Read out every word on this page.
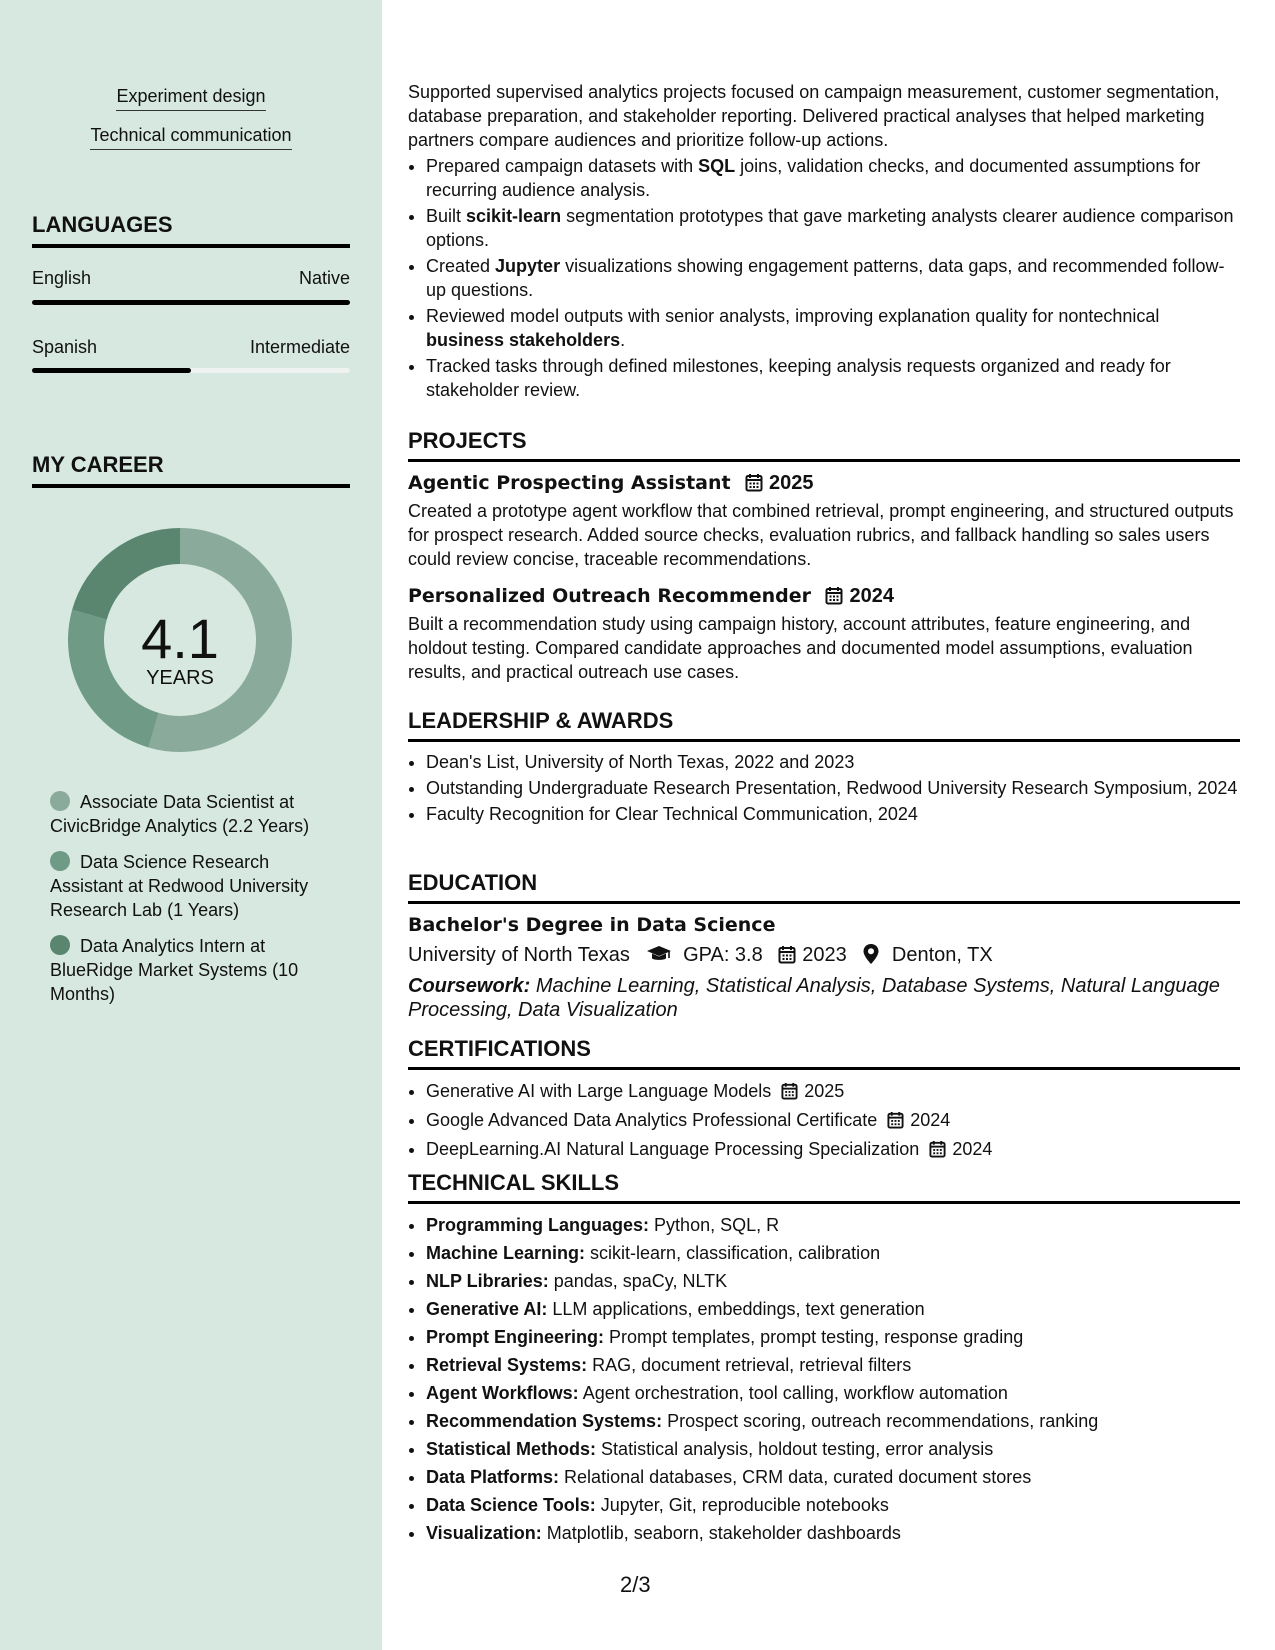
Experiment design
Technical communication
LANGUAGES
English	Native
Spanish	Intermediate
MY CAREER
4.1
YEARS
Associate Data Scientist at CivicBridge Analytics (2.2 Years)
Data Science Research Assistant at Redwood University Research Lab (1 Years)
Data Analytics Intern at BlueRidge Market Systems (10 Months)

Supported supervised analytics projects focused on campaign measurement, customer segmentation, database preparation, and stakeholder reporting. Delivered practical analyses that helped marketing partners compare audiences and prioritize follow-up actions.

• Prepared campaign datasets with SQL joins, validation checks, and documented assumptions for recurring audience analysis.
• Built scikit-learn segmentation prototypes that gave marketing analysts clearer audience comparison options.
• Created Jupyter visualizations showing engagement patterns, data gaps, and recommended follow-up questions.
• Reviewed model outputs with senior analysts, improving explanation quality for nontechnical business stakeholders.
• Tracked tasks through defined milestones, keeping analysis requests organized and ready for stakeholder review.
PROJECTS
Agentic Prospecting Assistant 2025

Created a prototype agent workflow that combined retrieval, prompt engineering, and structured outputs for prospect research. Added source checks, evaluation rubrics, and fallback handling so sales users could review concise, traceable recommendations.

Personalized Outreach Recommender 2024

Built a recommendation study using campaign history, account attributes, feature engineering, and holdout testing. Compared candidate approaches and documented model assumptions, evaluation results, and practical outreach use cases.

LEADERSHIP & AWARDS
• Dean's List, University of North Texas, 2022 and 2023
• Outstanding Undergraduate Research Presentation, Redwood University Research Symposium, 2024
• Faculty Recognition for Clear Technical Communication, 2024
EDUCATION
Bachelor's Degree in Data Science
University of North Texas	GPA: 3.8 2023 Denton, TX
Coursework: Machine Learning, Statistical Analysis, Database Systems, Natural Language Processing, Data Visualization
CERTIFICATIONS
• Generative AI with Large Language Models 2025
• Google Advanced Data Analytics Professional Certificate 2024
• DeepLearning.AI Natural Language Processing Specialization 2024
TECHNICAL SKILLS
• Programming Languages: Python, SQL, R
• Machine Learning: scikit-learn, classification, calibration
• NLP Libraries: pandas, spaCy, NLTK
• Generative AI: LLM applications, embeddings, text generation
• Prompt Engineering: Prompt templates, prompt testing, response grading
• Retrieval Systems: RAG, document retrieval, retrieval filters
• Agent Workflows: Agent orchestration, tool calling, workflow automation
• Recommendation Systems: Prospect scoring, outreach recommendations, ranking
• Statistical Methods: Statistical analysis, holdout testing, error analysis
• Data Platforms: Relational databases, CRM data, curated document stores
• Data Science Tools: Jupyter, Git, reproducible notebooks
• Visualization: Matplotlib, seaborn, stakeholder dashboards
2/3
